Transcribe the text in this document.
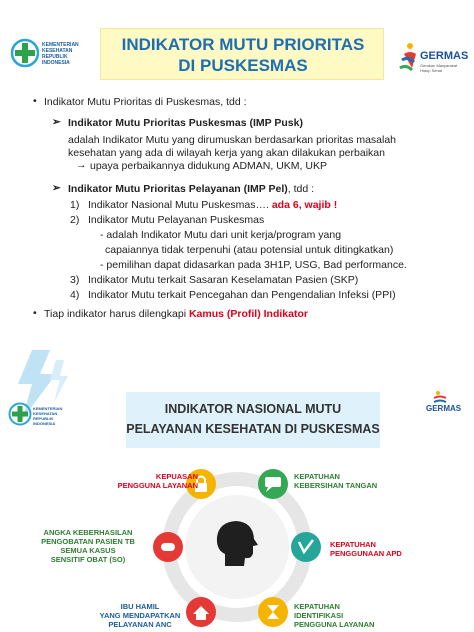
KEMENTERIAN
KESEHATAN
REPUBLIK
INDONESIA
INDIKATOR MUTU PRIORITAS
DI PUSKESMAS	GERMAS
Gerakan Masyarakat Hidup Sehat
• Indikator Mutu Prioritas di Puskesmas, tdd :
➢ Indikator Mutu Prioritas Puskesmas (IMP Pusk)
adalah Indikator Mutu yang dirumuskan berdasarkan prioritas masalah
kesehatan yang ada di wilayah kerja yang akan dilakukan perbaikan
→ upaya perbaikannya didukung ADMAN, UKM, UKP
➢ Indikator Mutu Prioritas Pelayanan (IMP Pel), tdd :
1) Indikator Nasional Mutu Puskesmas…. ada 6, wajib !
2) Indikator Mutu Pelayanan Puskesmas
- adalah Indikator Mutu dari unit kerja/program yang
capaiannya tidak terpenuhi (atau potensial untuk ditingkatkan)
- pemilihan dapat didasarkan pada 3H1P, USG, Bad performance.
3) Indikator Mutu terkait Sasaran Keselamatan Pasien (SKP)
4) Indikator Mutu terkait Pencegahan dan Pengendalian Infeksi (PPI)
• Tiap indikator harus dilengkapi Kamus (Profil) Indikator
KEMENTERIAN
KESEHATAN
REPUBLIK
INDONESIA
INDIKATOR NASIONAL MUTU
PELAYANAN KESEHATAN DI PUSKESMAS
GERMAS
KEPUASAN
PENGGUNA LAYANAN
KEPATUHAN
KEBERSIHAN TANGAN
ANGKA KEBERHASILAN
PENGOBATAN PASIEN TB
SEMUA KASUS
SENSITIF OBAT (SO)
KEPATUHAN
PENGGUNAAN APD
IBU HAMIL
YANG MENDAPATKAN
PELAYANAN ANC
KEPATUHAN
IDENTIFIKASI
PENGGUNA LAYANAN
